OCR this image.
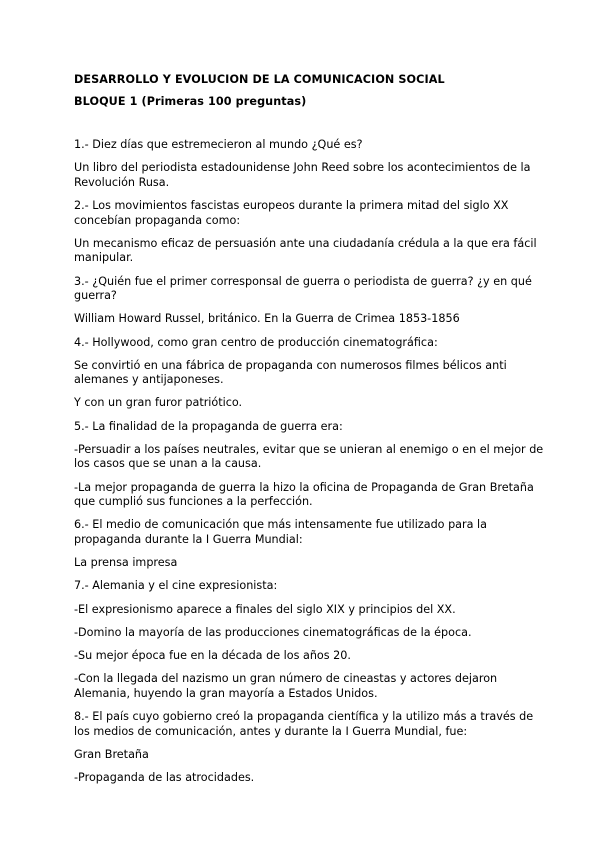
DESARROLLO Y EVOLUCION DE LA COMUNICACION SOCIAL
BLOQUE 1 (Primeras 100 preguntas)

1.- Diez días que estremecieron al mundo ¿Qué es?

Un libro del periodista estadounidense John Reed sobre los acontecimientos de la Revolución Rusa.

2.- Los movimientos fascistas europeos durante la primera mitad del siglo XX concebían propaganda como:

Un mecanismo eficaz de persuasión ante una ciudadanía crédula a la que era fácil manipular.

3.- ¿Quién fue el primer corresponsal de guerra o periodista de guerra? ¿y en qué guerra?

William Howard Russel, británico. En la Guerra de Crimea 1853-1856

4.- Hollywood, como gran centro de producción cinematográfica:

Se convirtió en una fábrica de propaganda con numerosos filmes bélicos anti alemanes y antijaponeses.

Y con un gran furor patriótico.

5.- La finalidad de la propaganda de guerra era:

-Persuadir a los países neutrales, evitar que se unieran al enemigo o en el mejor de los casos que se unan a la causa.

-La mejor propaganda de guerra la hizo la oficina de Propaganda de Gran Bretaña que cumplió sus funciones a la perfección.

6.- El medio de comunicación que más intensamente fue utilizado para la propaganda durante la I Guerra Mundial:

La prensa impresa

7.- Alemania y el cine expresionista:

-El expresionismo aparece a finales del siglo XIX y principios del XX.

-Domino la mayoría de las producciones cinematográficas de la época.

-Su mejor época fue en la década de los años 20.

-Con la llegada del nazismo un gran número de cineastas y actores dejaron Alemania, huyendo la gran mayoría a Estados Unidos.

8.- El país cuyo gobierno creó la propaganda científica y la utilizo más a través de los medios de comunicación, antes y durante la I Guerra Mundial, fue:

Gran Bretaña

-Propaganda de las atrocidades.
